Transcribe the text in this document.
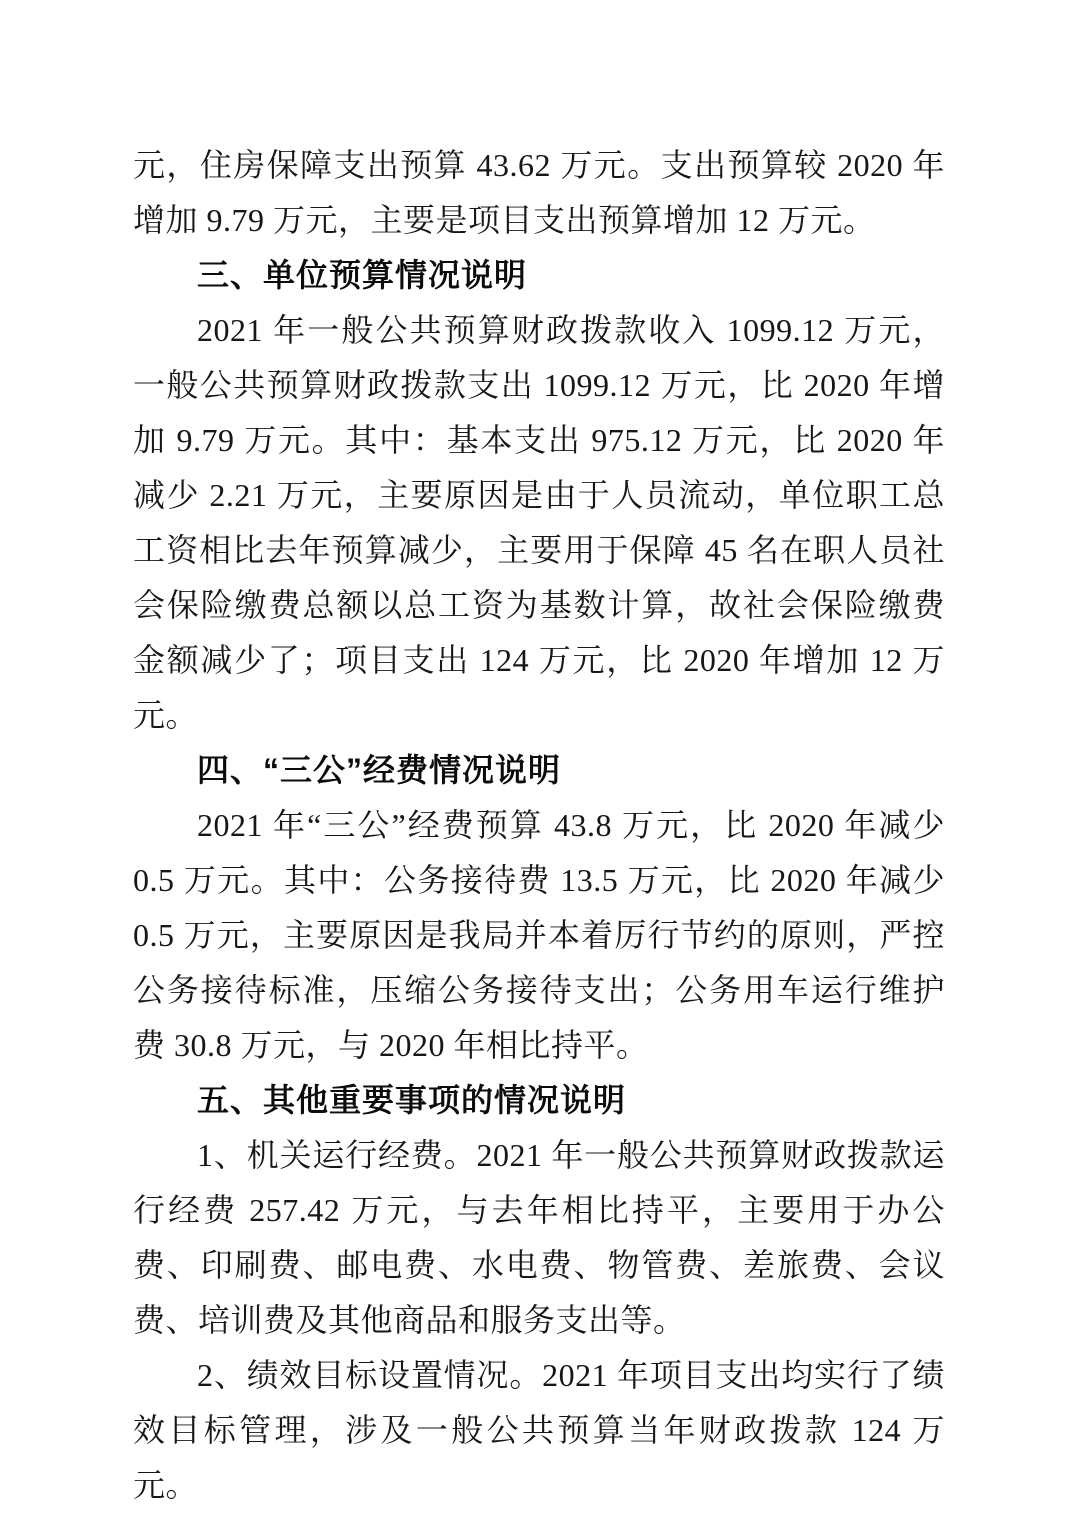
元，住房保障支出预算 43.62 万元。支出预算较 2020 年增加 9.79 万元，主要是项目支出预算增加 12 万元。

三、单位预算情况说明

2021 年一般公共预算财政拨款收入 1099.12 万元，一般公共预算财政拨款支出 1099.12 万元，比 2020 年增加 9.79 万元。其中：基本支出 975.12 万元，比 2020 年减少 2.21 万元，主要原因是由于人员流动，单位职工总工资相比去年预算减少，主要用于保障 45 名在职人员社会保险缴费总额以总工资为基数计算，故社会保险缴费金额减少了；项目支出 124 万元，比 2020 年增加 12 万元。

四、“三公”经费情况说明

2021 年“三公”经费预算 43.8 万元，比 2020 年减少 0.5 万元。其中：公务接待费 13.5 万元，比 2020 年减少 0.5 万元，主要原因是我局并本着厉行节约的原则，严控公务接待标准，压缩公务接待支出；公务用车运行维护费 30.8 万元，与 2020 年相比持平。

五、其他重要事项的情况说明

1、机关运行经费。2021 年一般公共预算财政拨款运行经费 257.42 万元，与去年相比持平，主要用于办公费、印刷费、邮电费、水电费、物管费、差旅费、会议费、培训费及其他商品和服务支出等。

2、绩效目标设置情况。2021 年项目支出均实行了绩效目标管理，涉及一般公共预算当年财政拨款 124 万元。
